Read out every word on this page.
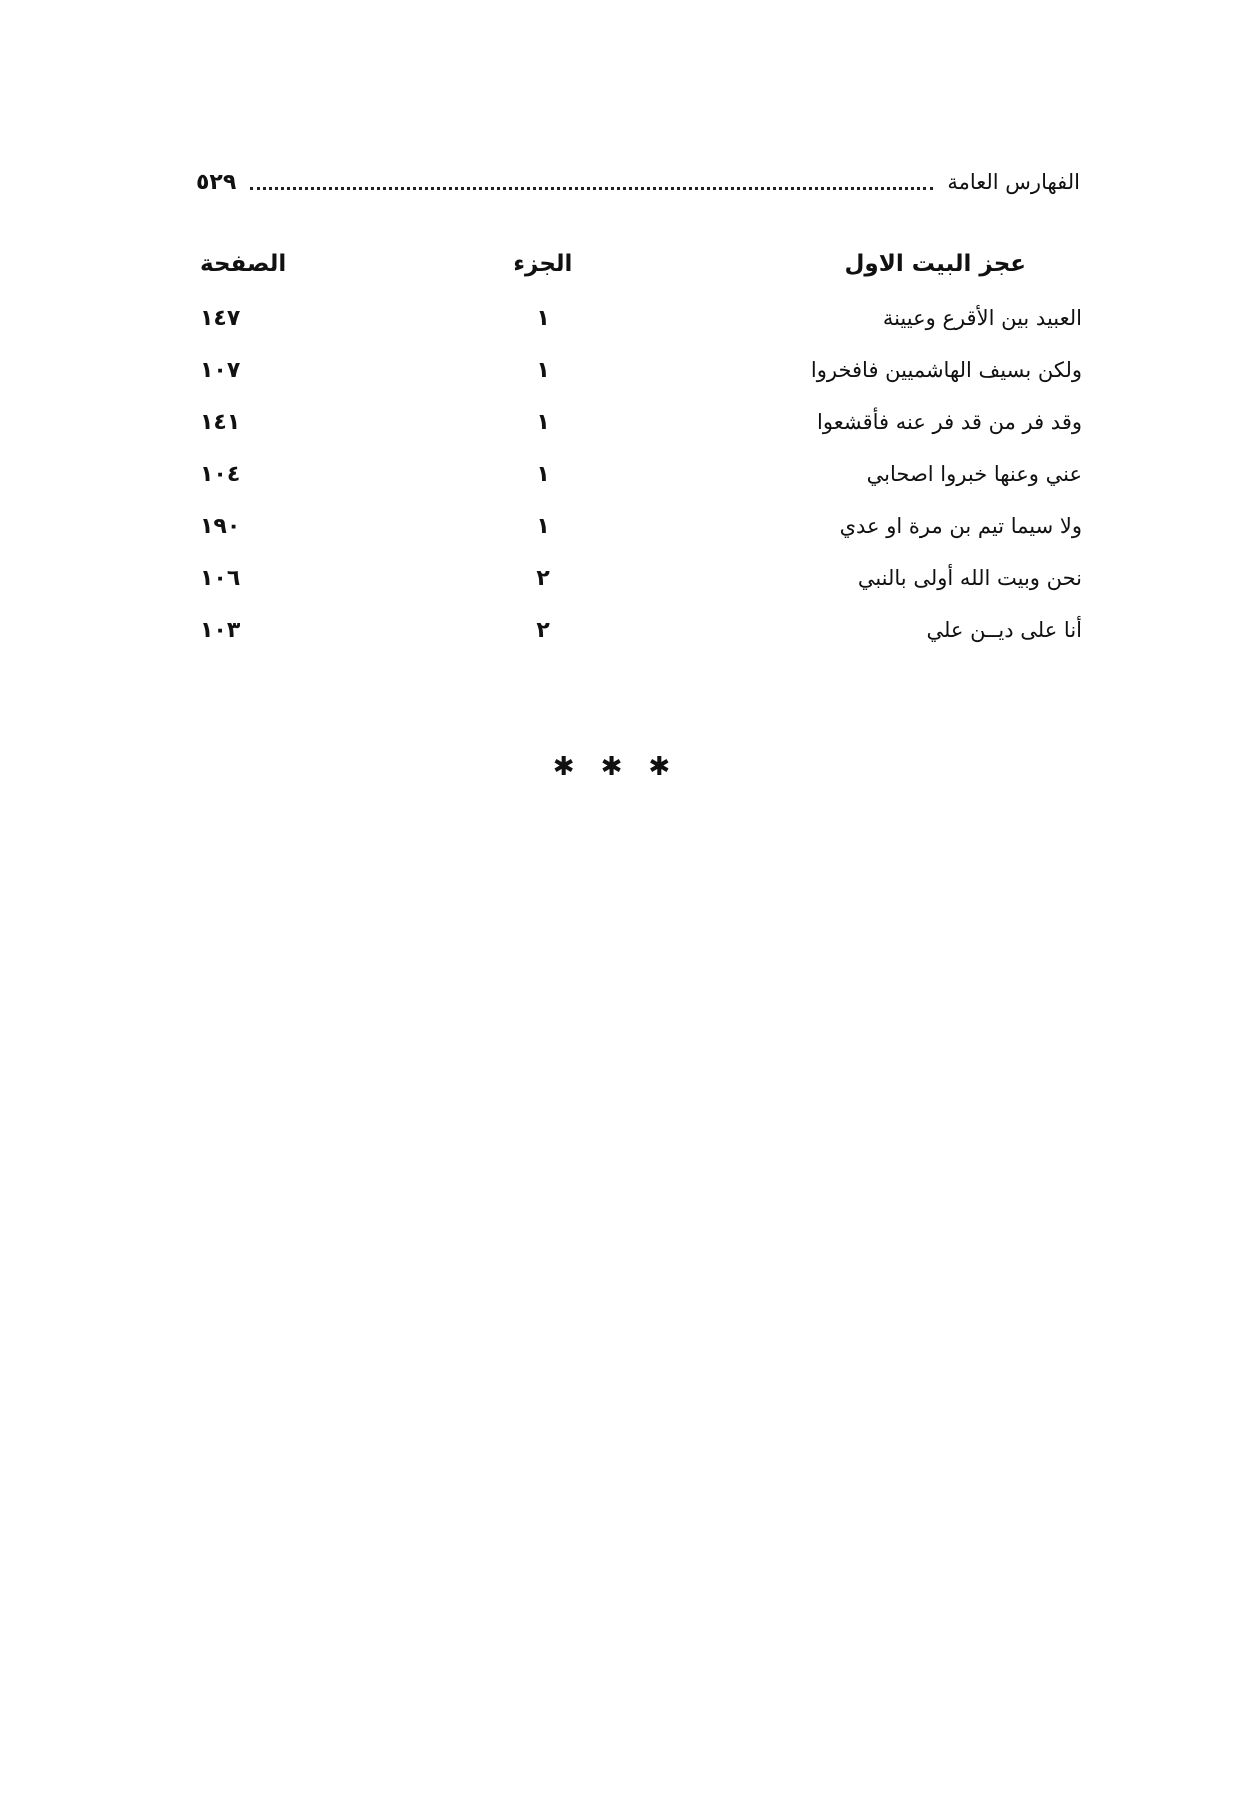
الفهارس العامة
٥٢٩
عجز البيت الاول
الجزء
الصفحة
العبيد بين الأقرع وعيينة
١
١٤٧
ولكن بسيف الهاشميين فافخروا
١
١٠٧
وقد فر من قد فر عنه فأقشعوا
١
١٤١
عني وعنها خبروا اصحابي
١
١٠٤
ولا سيما تيم بن مرة او عدي
١
١٩٠
نحن وبيت الله أولى بالنبي
٢
١٠٦
أنا على ديــن علي
٢
١٠٣
✱✱✱
